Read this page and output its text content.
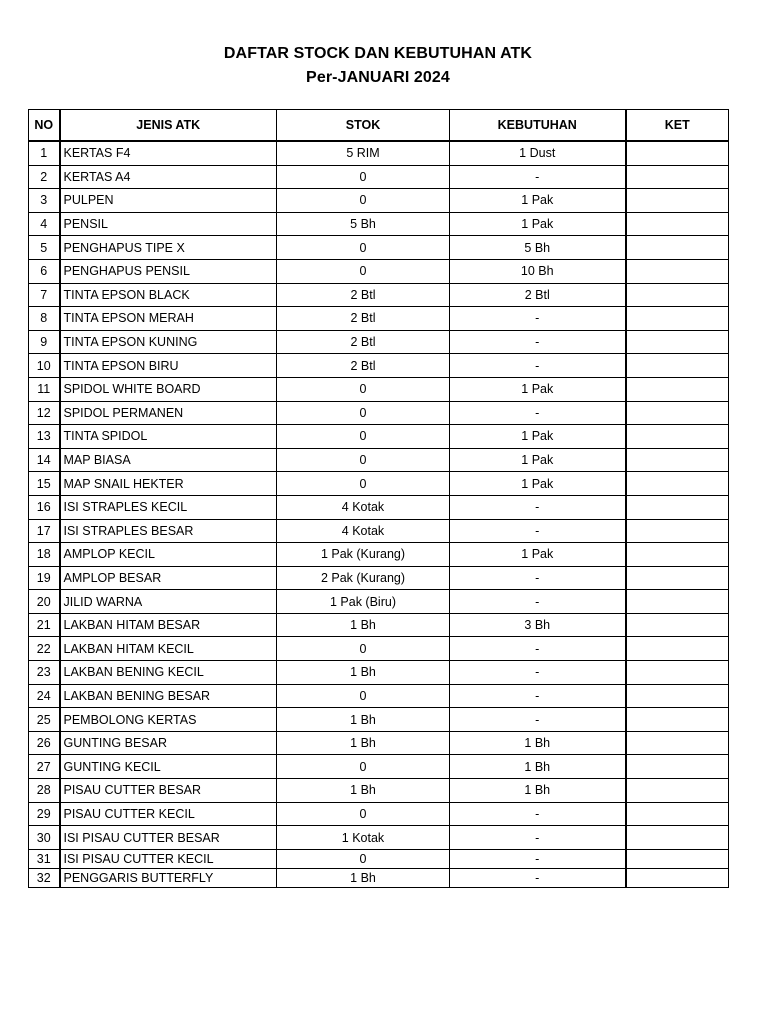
DAFTAR STOCK DAN KEBUTUHAN ATK
Per-JANUARI 2024
NO	JENIS ATK	STOK	KEBUTUHAN	KET
1	KERTAS F4	5 RIM	1 Dust	
2	KERTAS A4	0	-	
3	PULPEN	0	1 Pak	
4	PENSIL	5 Bh	1 Pak	
5	PENGHAPUS TIPE X	0	5 Bh	
6	PENGHAPUS PENSIL	0	10 Bh	
7	TINTA EPSON BLACK	2 Btl	2 Btl	
8	TINTA EPSON MERAH	2 Btl	-	
9	TINTA EPSON KUNING	2 Btl	-	
10	TINTA EPSON BIRU	2 Btl	-	
11	SPIDOL WHITE BOARD	0	1 Pak	
12	SPIDOL PERMANEN	0	-	
13	TINTA SPIDOL	0	1 Pak	
14	MAP BIASA	0	1 Pak	
15	MAP SNAIL HEKTER	0	1 Pak	
16	ISI STRAPLES KECIL	4 Kotak	-	
17	ISI STRAPLES BESAR	4 Kotak	-	
18	AMPLOP KECIL	1 Pak (Kurang)	1 Pak	
19	AMPLOP BESAR	2 Pak (Kurang)	-	
20	JILID WARNA	1 Pak (Biru)	-	
21	LAKBAN HITAM BESAR	1 Bh	3 Bh	
22	LAKBAN HITAM KECIL	0	-	
23	LAKBAN BENING KECIL	1 Bh	-	
24	LAKBAN BENING BESAR	0	-	
25	PEMBOLONG KERTAS	1 Bh	-	
26	GUNTING BESAR	1 Bh	1 Bh	
27	GUNTING KECIL	0	1 Bh	
28	PISAU CUTTER BESAR	1 Bh	1 Bh	
29	PISAU CUTTER KECIL	0	-	
30	ISI PISAU CUTTER BESAR	1 Kotak	-	
31	ISI PISAU CUTTER KECIL	0	-	
32	PENGGARIS BUTTERFLY	1 Bh	-	
